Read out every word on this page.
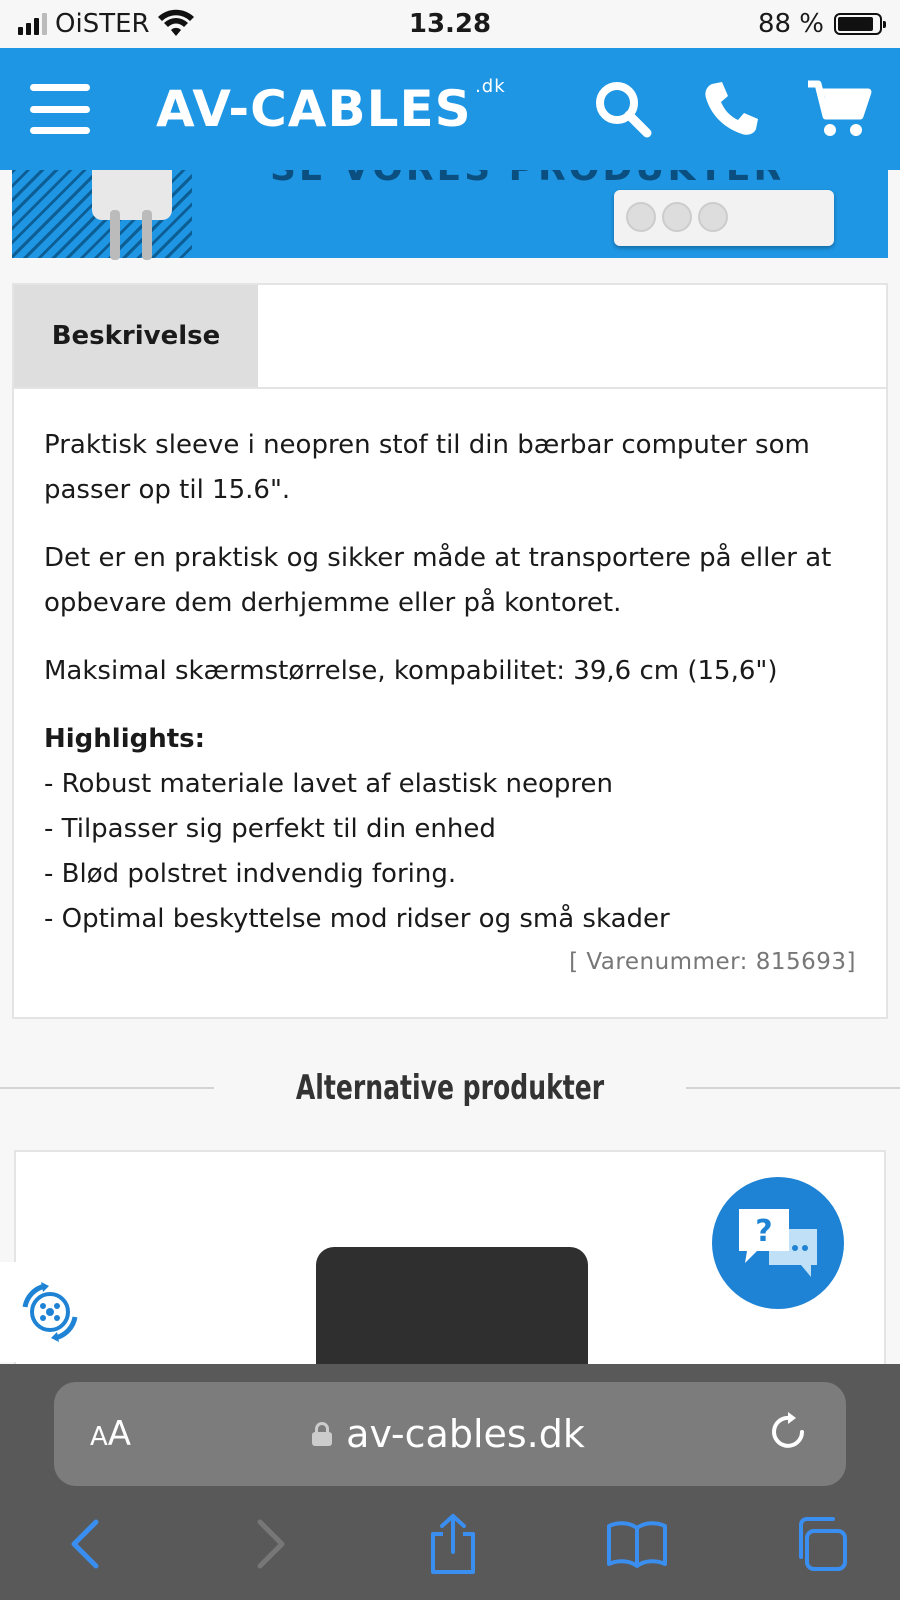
OiSTER	13.28	88 %
AV-CABLES .dk
Beskrivelse

Praktisk sleeve i neopren stof til din bærbar computer som passer op til 15.6".

Det er en praktisk og sikker måde at transportere på eller at opbevare dem derhjemme eller på kontoret.

Maksimal skærmstørrelse, kompabilitet: 39,6 cm (15,6")

Highlights:
- Robust materiale lavet af elastisk neopren
- Tilpasser sig perfekt til din enhed
- Blød polstret indvendig foring.
- Optimal beskyttelse mod ridser og små skader
[ Varenummer: 815693]
Alternative produkter
?
AA	av-cables.dk
